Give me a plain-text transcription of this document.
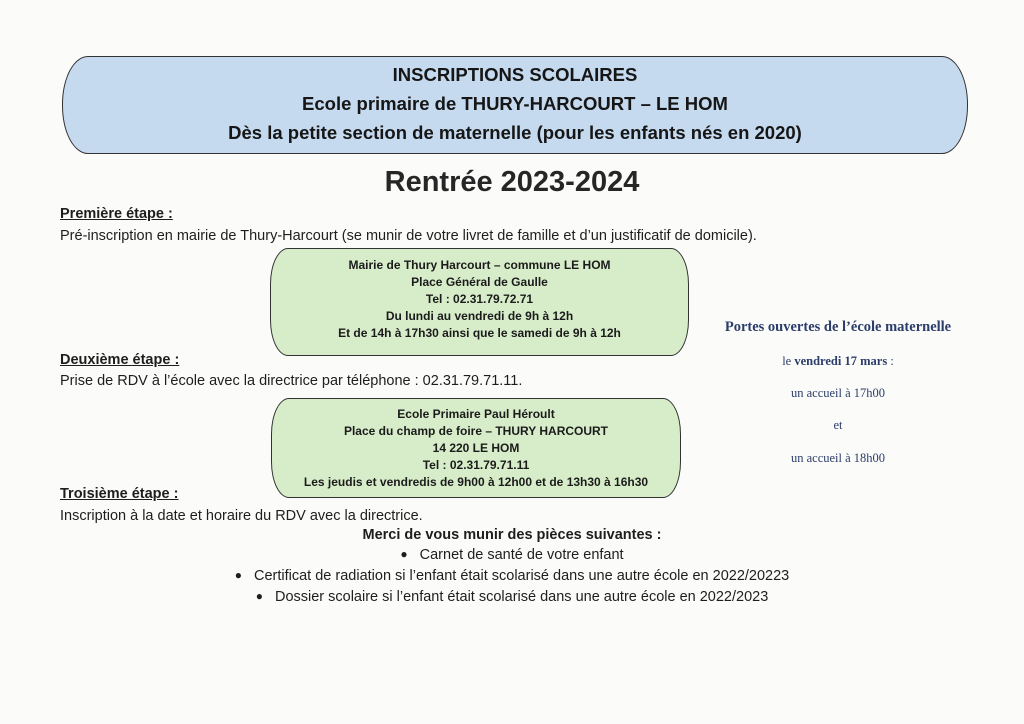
INSCRIPTIONS SCOLAIRES
Ecole primaire de THURY-HARCOURT – LE HOM
Dès la petite section de maternelle (pour les enfants nés en 2020)
Rentrée 2023-2024
Première étape :
Pré-inscription en mairie de Thury-Harcourt (se munir de votre livret de famille et d’un justificatif de domicile).
Mairie de Thury Harcourt – commune LE HOM
Place Général de Gaulle
Tel : 02.31.79.72.71
Du lundi au vendredi de 9h à 12h
Et de 14h à 17h30 ainsi que le samedi de 9h à 12h
Deuxième étape :
Prise de RDV à l’école avec la directrice par téléphone : 02.31.79.71.11.
Ecole Primaire Paul Héroult
Place du champ de foire – THURY HARCOURT
14 220 LE HOM
Tel : 02.31.79.71.11
Les jeudis et vendredis de 9h00 à 12h00 et de 13h30 à 16h30
Troisième étape :
Inscription à la date et horaire du RDV avec la directrice.
Portes ouvertes de l’école maternelle
le vendredi 17 mars :
un accueil à 17h00
et
un accueil à 18h00
Merci de vous munir des pièces suivantes :
● Carnet de santé de votre enfant
● Certificat de radiation si l’enfant était scolarisé dans une autre école en 2022/20223
● Dossier scolaire si l’enfant était scolarisé dans une autre école en 2022/2023
